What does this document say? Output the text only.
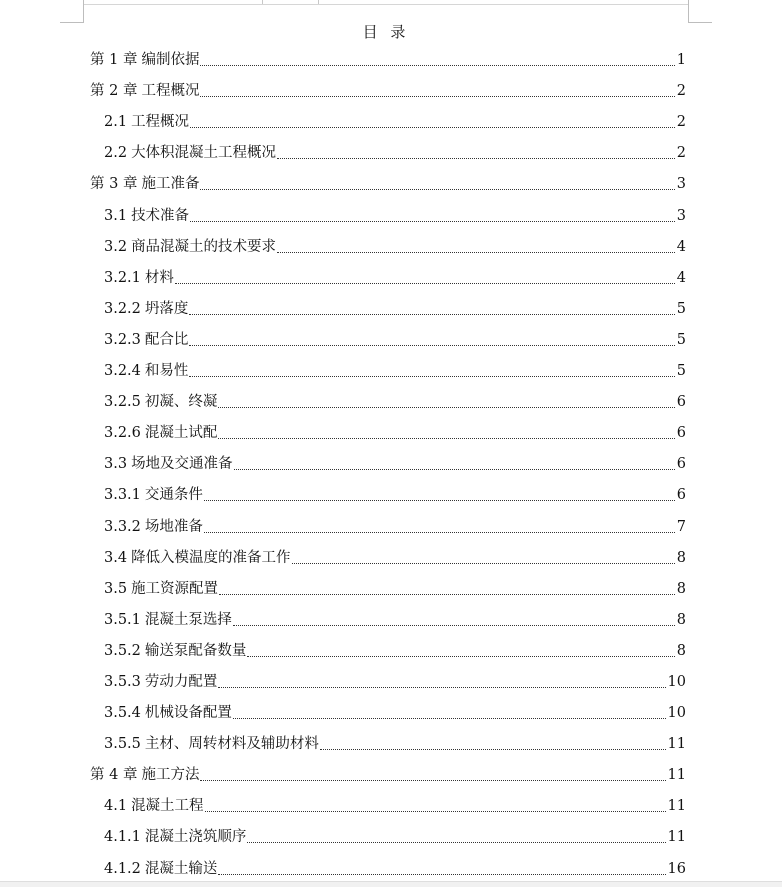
目 录
第 1 章 编制依据	1
第 2 章 工程概况	2
2.1 工程概况	2
2.2 大体积混凝土工程概况	2
第 3 章 施工准备	3
3.1 技术准备	3
3.2 商品混凝土的技术要求	4
3.2.1 材料	4
3.2.2 坍落度	5
3.2.3 配合比	5
3.2.4 和易性	5
3.2.5 初凝、终凝	6
3.2.6 混凝土试配	6
3.3 场地及交通准备	6
3.3.1 交通条件	6
3.3.2 场地准备	7
3.4 降低入模温度的准备工作	8
3.5 施工资源配置	8
3.5.1 混凝土泵选择	8
3.5.2 输送泵配备数量	8
3.5.3 劳动力配置	10
3.5.4 机械设备配置	10
3.5.5 主材、周转材料及辅助材料	11
第 4 章 施工方法	11
4.1 混凝土工程	11
4.1.1 混凝土浇筑顺序	11
4.1.2 混凝土输送	16
